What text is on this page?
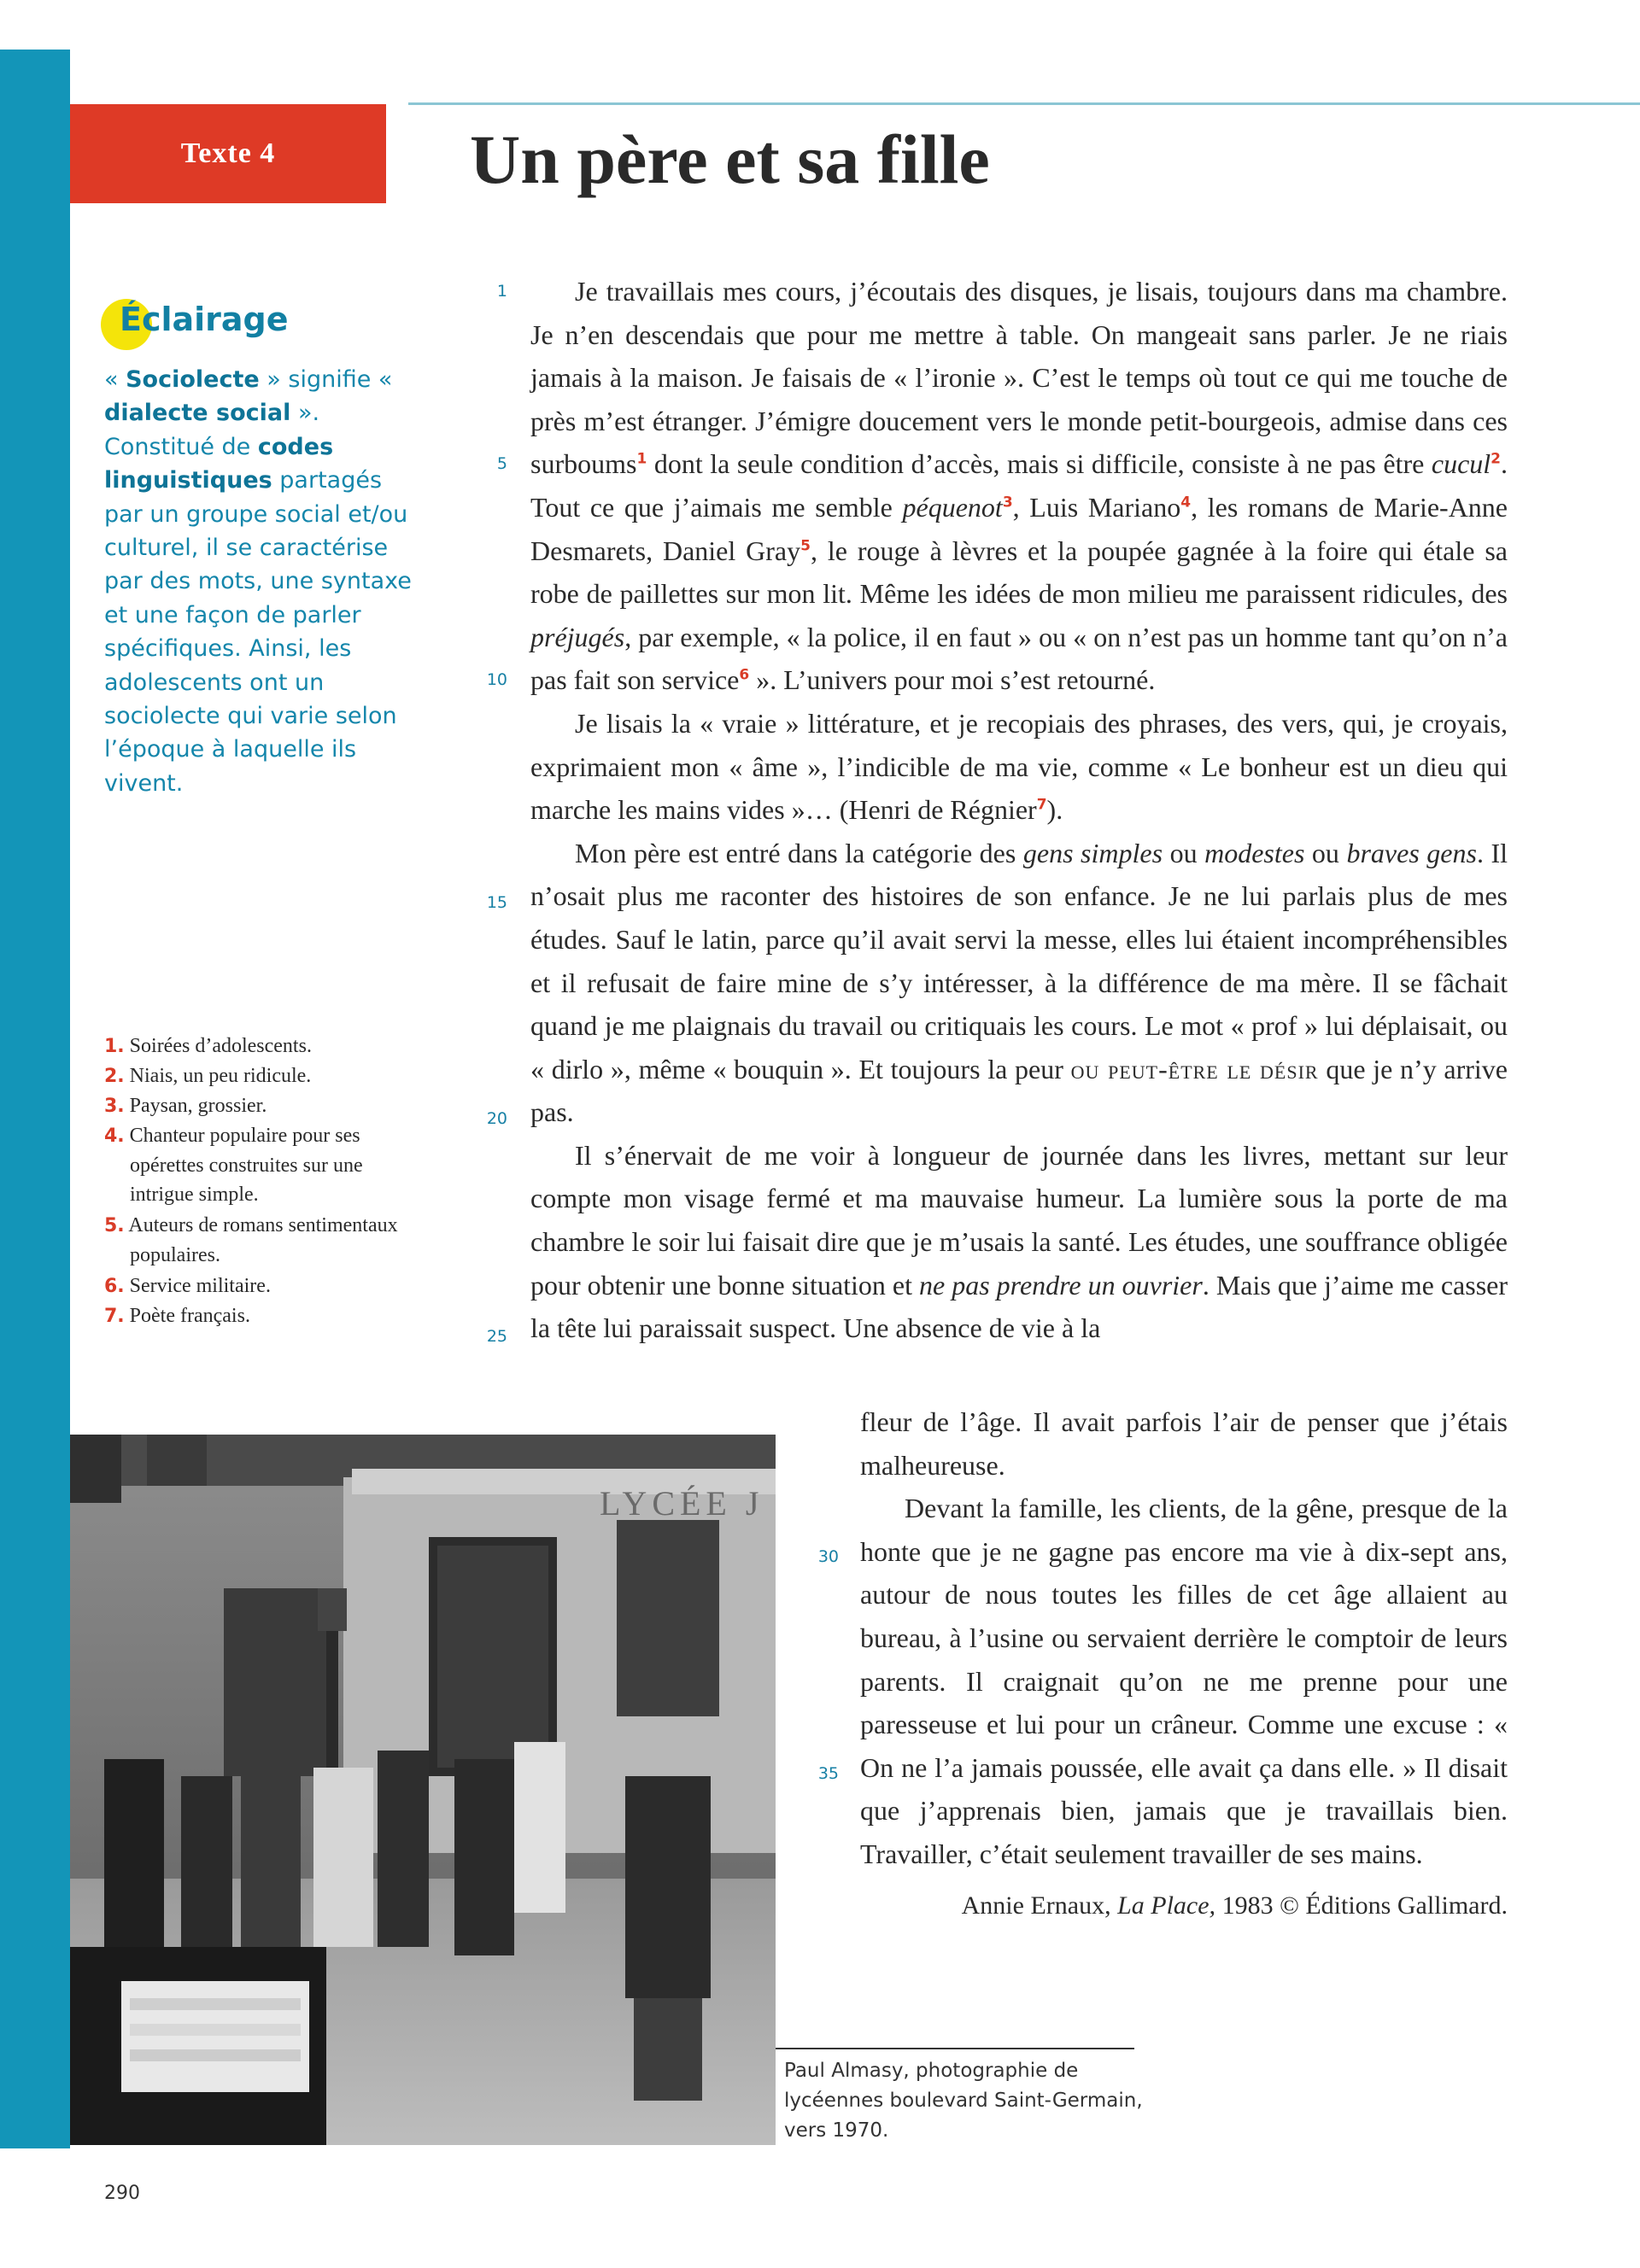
Texte 4	Un père et sa fille
Éclairage
« Sociolecte » signifie « dialecte social ».
Constitué de codes linguistiques partagés par un groupe social et/ou culturel, il se caractérise par des mots, une syntaxe et une façon de parler spécifiques. Ainsi, les adolescents ont un sociolecte qui varie selon l’époque à laquelle ils vivent.
1. Soirées d’adolescents.
2. Niais, un peu ridicule.
3. Paysan, grossier.
4. Chanteur populaire pour ses opérettes construites sur une intrigue simple.
5. Auteurs de romans sentimentaux populaires.
6. Service militaire.
7. Poète français.
1
5
10
15
20
25
30
35

Je travaillais mes cours, j’écoutais des disques, je lisais, toujours dans ma chambre. Je n’en descendais que pour me mettre à table. On mangeait sans parler. Je ne riais jamais à la maison. Je faisais de « l’ironie ». C’est le temps où tout ce qui me touche de près m’est étranger. J’émigre doucement vers le monde petit-bourgeois, admise dans ces surboums$^1$ dont la seule condition d’accès, mais si difficile, consiste à ne pas être cucul$^2$. Tout ce que j’aimais me semble péquenot$^3$, Luis Mariano$^4$, les romans de Marie-Anne Desmarets, Daniel Gray$^5$, le rouge à lèvres et la poupée gagnée à la foire qui étale sa robe de paillettes sur mon lit. Même les idées de mon milieu me paraissent ridicules, des préjugés, par exemple, « la police, il en faut » ou « on n’est pas un homme tant qu’on n’a pas fait son service$^6$ ». L’univers pour moi s’est retourné.

Je lisais la « vraie » littérature, et je recopiais des phrases, des vers, qui, je croyais, exprimaient mon « âme », l’indicible de ma vie, comme « Le bonheur est un dieu qui marche les mains vides »… (Henri de Régnier$^7$).

Mon père est entré dans la catégorie des gens simples ou modestes ou braves gens. Il n’osait plus me raconter des histoires de son enfance. Je ne lui parlais plus de mes études. Sauf le latin, parce qu’il avait servi la messe, elles lui étaient incompréhensibles et il refusait de faire mine de s’y intéresser, à la différence de ma mère. Il se fâchait quand je me plaignais du travail ou critiquais les cours. Le mot « prof » lui déplaisait, ou « dirlo », même « bouquin ». Et toujours la peur ou peut-être le désir que je n’y arrive pas.

Il s’énervait de me voir à longueur de journée dans les livres, mettant sur leur compte mon visage fermé et ma mauvaise humeur. La lumière sous la porte de ma chambre le soir lui faisait dire que je m’usais la santé. Les études, une souffrance obligée pour obtenir une bonne situation et ne pas prendre un ouvrier. Mais que j’aime me casser la tête lui paraissait suspect. Une absence de vie à la

fleur de l’âge. Il avait parfois l’air de penser que j’étais malheureuse.

Devant la famille, les clients, de la gêne, presque de la honte que je ne gagne pas encore ma vie à dix-sept ans, autour de nous toutes les filles de cet âge allaient au bureau, à l’usine ou servaient derrière le comptoir de leurs parents. Il craignait qu’on ne me prenne pour une paresseuse et lui pour un crâneur. Comme une excuse : « On ne l’a jamais poussée, elle avait ça dans elle. » Il disait que j’apprenais bien, jamais que je travaillais bien. Travailler, c’était seulement travailler de ses mains.

Annie Ernaux, La Place, 1983 © Éditions Gallimard.

LYCÉE J
Paul Almasy, photographie de lycéennes boulevard Saint-Germain, vers 1970.
290
